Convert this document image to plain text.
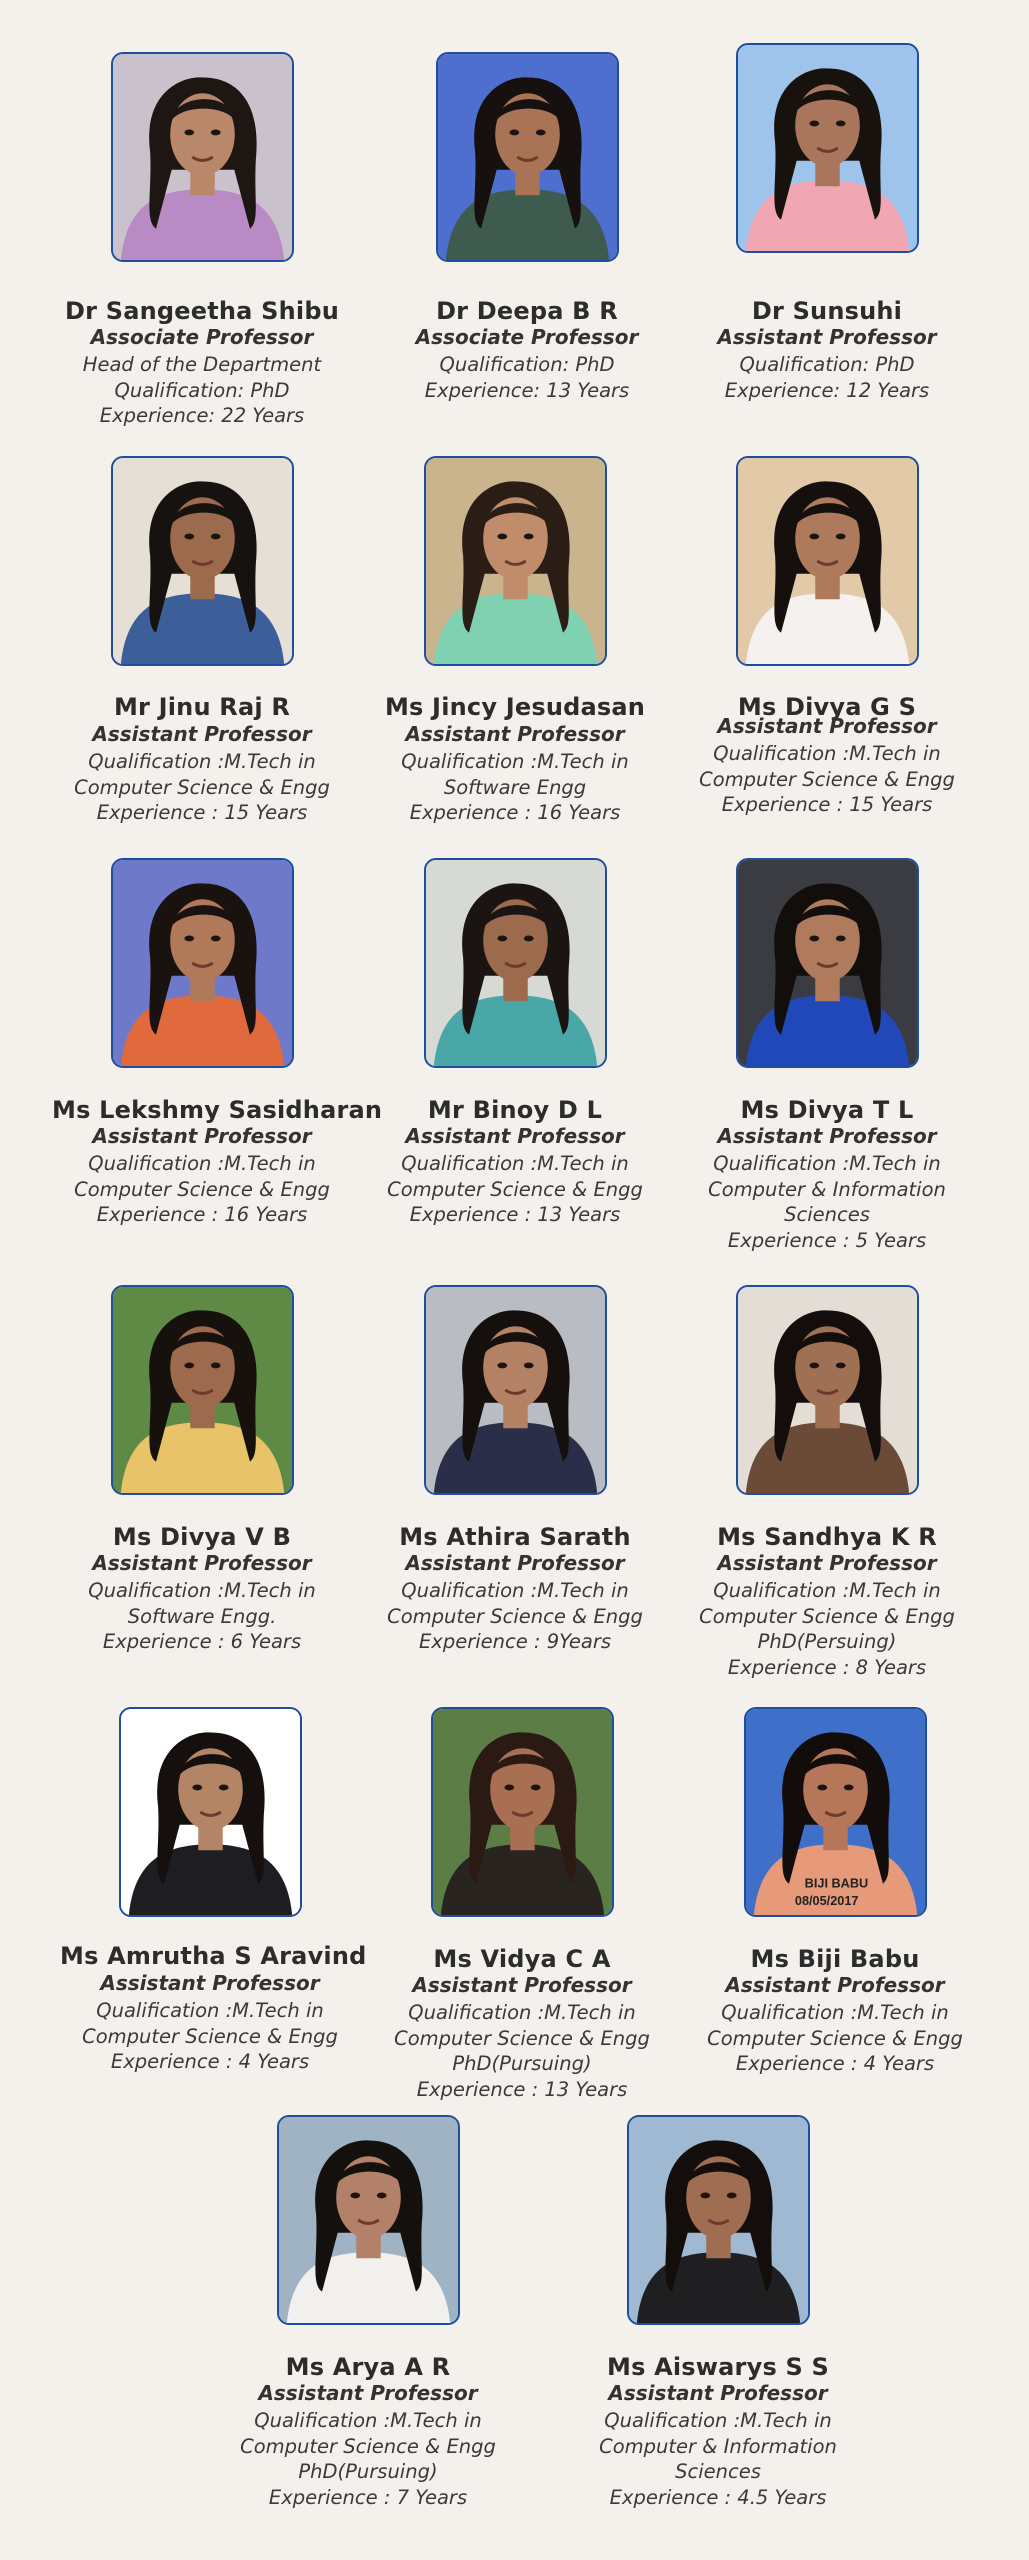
Dr Sangeetha Shibu
Associate Professor
Head of the Department
Qualification: PhD
Experience: 22 Years
Dr Deepa B R
Associate Professor
Qualification: PhD
Experience: 13 Years
Dr Sunsuhi
Assistant Professor
Qualification: PhD
Experience: 12 Years
Mr Jinu Raj R
Assistant Professor
Qualification :M.Tech in
Computer Science & Engg
Experience : 15 Years
Ms Jincy Jesudasan
Assistant Professor
Qualification :M.Tech in
Software Engg
Experience : 16 Years
Ms Divya G S
Assistant Professor
Qualification :M.Tech in
Computer Science & Engg
Experience : 15 Years
Ms Lekshmy Sasidharan
Assistant Professor
Qualification :M.Tech in
Computer Science & Engg
Experience : 16 Years
Mr Binoy D L
Assistant Professor
Qualification :M.Tech in
Computer Science & Engg
Experience : 13 Years
Ms Divya T L
Assistant Professor
Qualification :M.Tech in
Computer & Information
Sciences
Experience : 5 Years
Ms Divya V B
Assistant Professor
Qualification :M.Tech in
Software Engg.
Experience : 6 Years
Ms Athira Sarath
Assistant Professor
Qualification :M.Tech in
Computer Science & Engg
Experience : 9Years
Ms Sandhya K R
Assistant Professor
Qualification :M.Tech in
Computer Science & Engg
PhD(Persuing)
Experience : 8 Years
Ms Amrutha S Aravind
Assistant Professor
Qualification :M.Tech in
Computer Science & Engg
Experience : 4 Years
Ms Vidya C A
Assistant Professor
Qualification :M.Tech in
Computer Science & Engg
PhD(Pursuing)
Experience : 13 Years
BIJI BABU
08/05/2017
Ms Biji Babu
Assistant Professor
Qualification :M.Tech in
Computer Science & Engg
Experience : 4 Years
Ms Arya A R
Assistant Professor
Qualification :M.Tech in
Computer Science & Engg
PhD(Pursuing)
Experience : 7 Years
Ms Aiswarys S S
Assistant Professor
Qualification :M.Tech in
Computer & Information
Sciences
Experience : 4.5 Years
